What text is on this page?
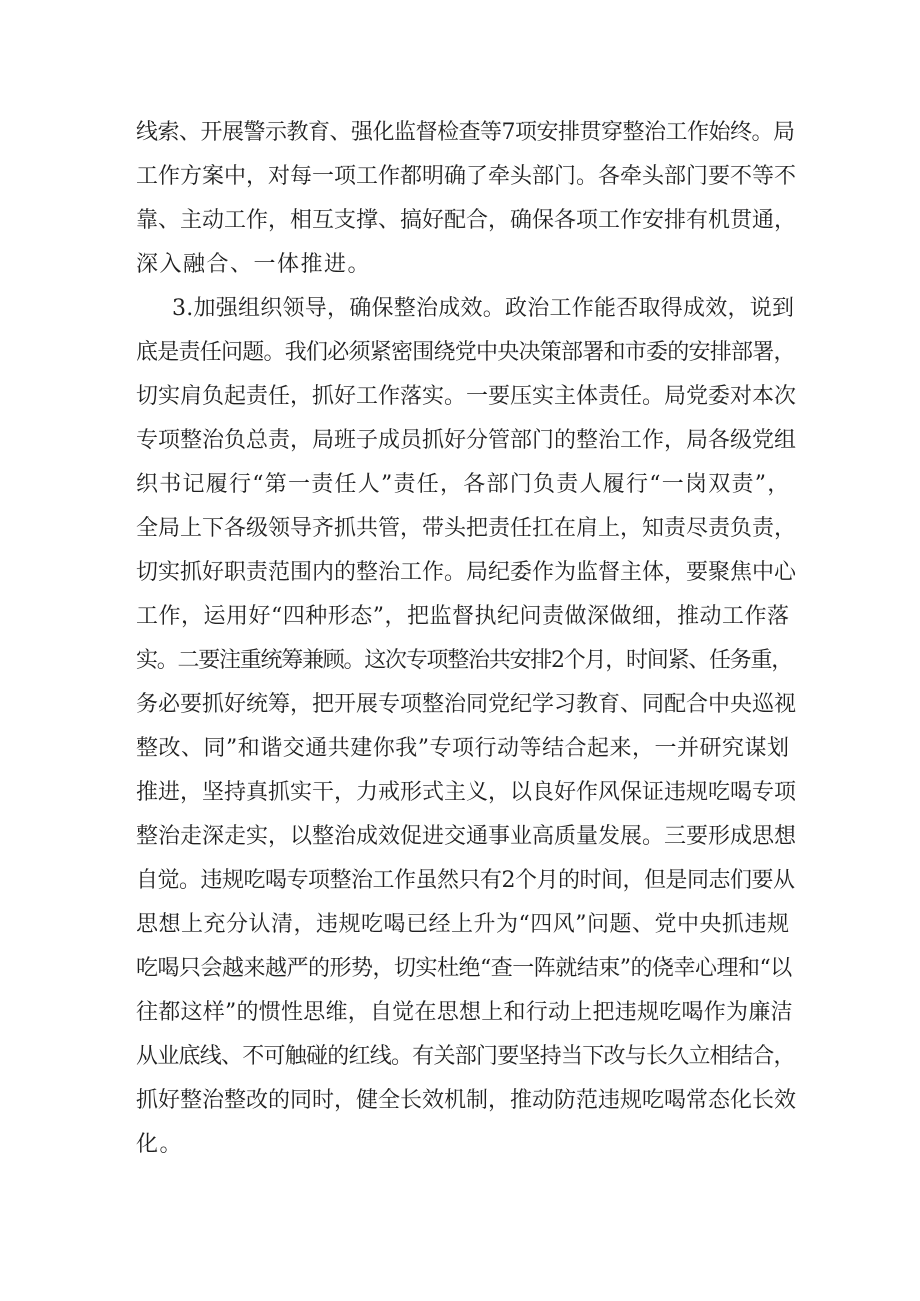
线索、开展警示教育、强化监督检查等7项安排贯穿整治工作始终。局

工作方案中，对每一项工作都明确了牵头部门。各牵头部门要不等不

靠、主动工作，相互支撑、搞好配合，确保各项工作安排有机贯通，

深入融合、一体推进。

3.加强组织领导，确保整治成效。政治工作能否取得成效，说到

底是责任问题。我们必须紧密围绕党中央决策部署和市委的安排部署，

切实肩负起责任，抓好工作落实。一要压实主体责任。局党委对本次

专项整治负总责，局班子成员抓好分管部门的整治工作，局各级党组

织书记履行“第一责任人”责任，各部门负责人履行“一岗双责”，

全局上下各级领导齐抓共管，带头把责任扛在肩上，知责尽责负责，

切实抓好职责范围内的整治工作。局纪委作为监督主体，要聚焦中心

工作，运用好“四种形态”，把监督执纪问责做深做细，推动工作落

实。二要注重统筹兼顾。这次专项整治共安排2个月，时间紧、任务重，

务必要抓好统筹，把开展专项整治同党纪学习教育、同配合中央巡视

整改、同”和谐交通共建你我”专项行动等结合起来，一并研究谋划

推进，坚持真抓实干，力戒形式主义，以良好作风保证违规吃喝专项

整治走深走实，以整治成效促进交通事业高质量发展。三要形成思想

自觉。违规吃喝专项整治工作虽然只有2个月的时间，但是同志们要从

思想上充分认清，违规吃喝已经上升为“四风”问题、党中央抓违规

吃喝只会越来越严的形势，切实杜绝“查一阵就结束”的侥幸心理和“以

往都这样”的惯性思维，自觉在思想上和行动上把违规吃喝作为廉洁

从业底线、不可触碰的红线。有关部门要坚持当下改与长久立相结合，

抓好整治整改的同时，健全长效机制，推动防范违规吃喝常态化长效

化。
